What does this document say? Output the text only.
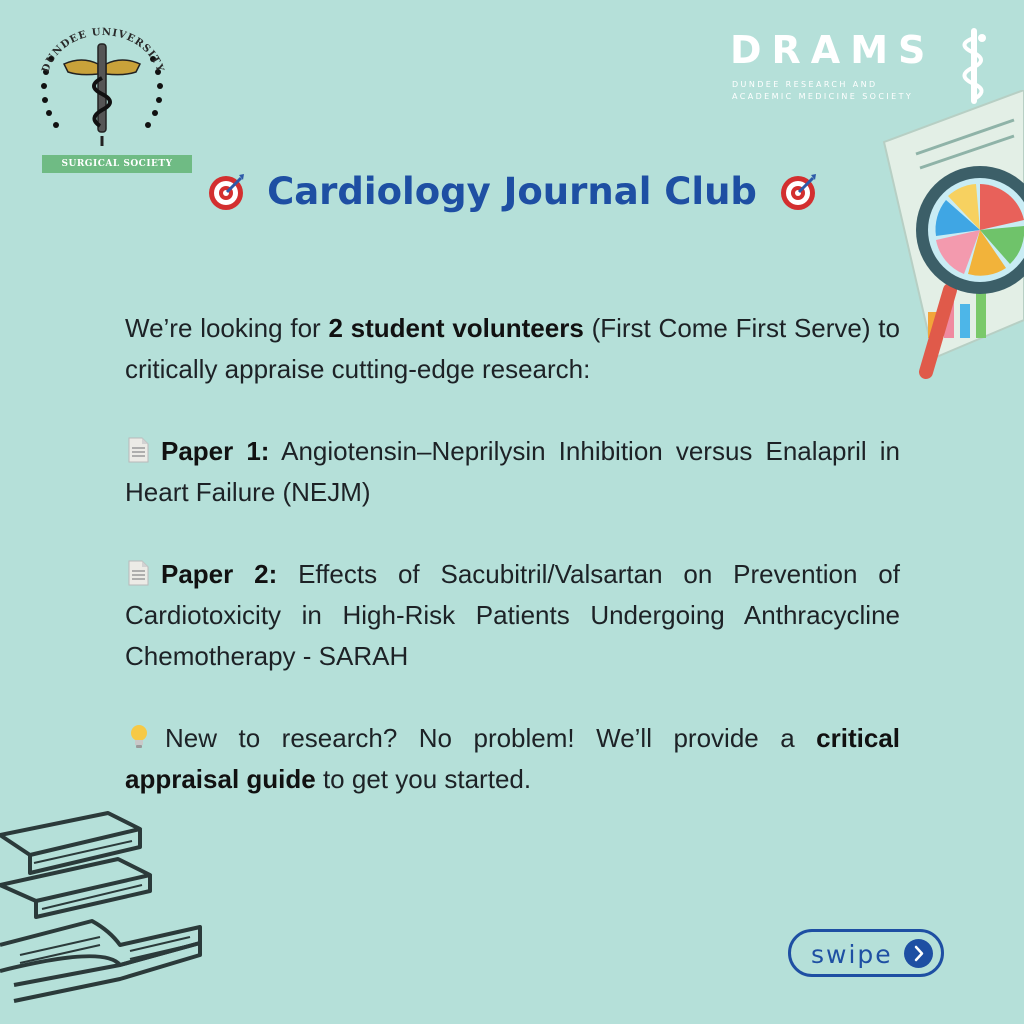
DUNDEE UNIVERSITY
SURGICAL SOCIETY
DRAMS
DUNDEE RESEARCH AND
ACADEMIC MEDICINE SOCIETY
Cardiology Journal Club

We’re looking for 2 student volunteers (First Come First Serve) to critically appraise cutting-edge research:

Paper 1: Angiotensin–Neprilysin Inhibition versus Enalapril in Heart Failure (NEJM)

Paper 2: Effects of Sacubitril/Valsartan on Prevention of Cardiotoxicity in High-Risk Patients Undergoing Anthracycline Chemotherapy - SARAH

New to research? No problem! We’ll provide a critical appraisal guide to get you started.

swipe
